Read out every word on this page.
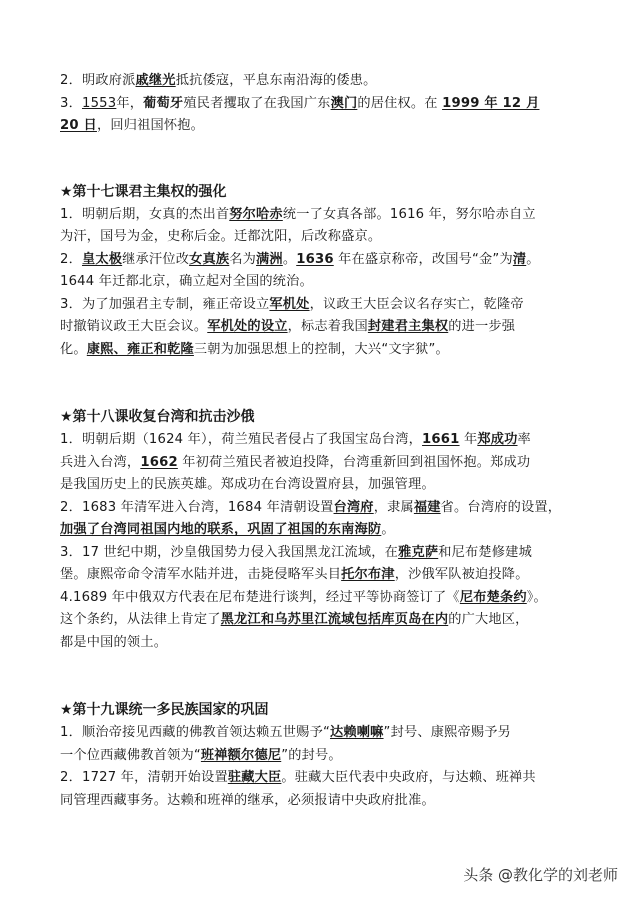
2．明政府派戚继光抵抗倭寇，平息东南沿海的倭患。

3．1553年，葡萄牙殖民者攫取了在我国广东澳门的居住权。在 1999 年 12 月

20 日，回归祖国怀抱。

★第十七课君主集权的强化

1．明朝后期，女真的杰出首努尔哈赤统一了女真各部。1616 年，努尔哈赤自立

为汗，国号为金，史称后金。迁都沈阳，后改称盛京。

2．皇太极继承汗位改女真族名为满洲。1636 年在盛京称帝，改国号“金”为清。

1644 年迁都北京，确立起对全国的统治。

3．为了加强君主专制，雍正帝设立军机处，议政王大臣会议名存实亡，乾隆帝

时撤销议政王大臣会议。军机处的设立，标志着我国封建君主集权的进一步强

化。康熙、雍正和乾隆三朝为加强思想上的控制，大兴“文字狱”。

★第十八课收复台湾和抗击沙俄

1．明朝后期（1624 年），荷兰殖民者侵占了我国宝岛台湾，1661 年郑成功率

兵进入台湾，1662 年初荷兰殖民者被迫投降，台湾重新回到祖国怀抱。郑成功

是我国历史上的民族英雄。郑成功在台湾设置府县，加强管理。

2．1683 年清军进入台湾，1684 年清朝设置台湾府，隶属福建省。台湾府的设置，

加强了台湾同祖国内地的联系，巩固了祖国的东南海防。

3．17 世纪中期，沙皇俄国势力侵入我国黑龙江流域，在雅克萨和尼布楚修建城

堡。康熙帝命令清军水陆并进，击毙侵略军头目托尔布津，沙俄军队被迫投降。

4.1689 年中俄双方代表在尼布楚进行谈判，经过平等协商签订了《尼布楚条约》。

这个条约，从法律上肯定了黑龙江和乌苏里江流域包括库页岛在内的广大地区，

都是中国的领土。

★第十九课统一多民族国家的巩固

1．顺治帝接见西藏的佛教首领达赖五世赐予“达赖喇嘛”封号、康熙帝赐予另

一个位西藏佛教首领为“班禅额尔德尼”的封号。

2．1727 年，清朝开始设置驻藏大臣。驻藏大臣代表中央政府，与达赖、班禅共

同管理西藏事务。达赖和班禅的继承，必须报请中央政府批准。

头条 @教化学的刘老师
